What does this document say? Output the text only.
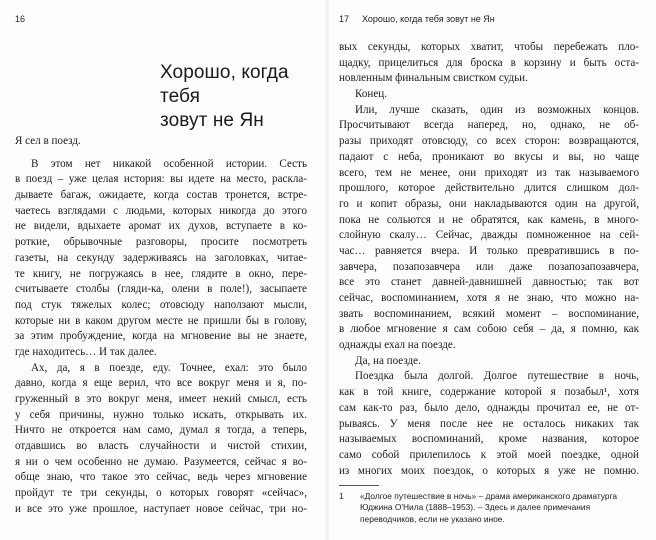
16
Хорошо, когда тебя
зовут не Ян
Я сел в поезд.
В этом нет никакой особенной истории. Сесть
в поезд – уже целая история: вы идете на место, раскла-
дываете багаж, ожидаете, когда состав тронется, встре-
чаетесь взглядами с людьми, которых никогда до этого
не видели, вдыхаете аромат их духов, вступаете в ко-
роткие, обрывочные разговоры, просите посмотреть
газеты, на секунду задерживаясь на заголовках, читае-
те книгу, не погружаясь в нее, глядите в окно, пере-
считываете столбы (гляди-ка, олени в поле!), засыпаете
под стук тяжелых колес; отовсюду наползают мысли,
которые ни в каком другом месте не пришли бы в голову,
за этим пробуждение, когда на мгновение вы не знаете,
где находитесь… И так далее.
Ах, да, я в поезде, еду. Точнее, ехал: это было
давно, когда я еще верил, что все вокруг меня и я, по-
груженный в это вокруг меня, имеет некий смысл, есть
у себя причины, нужно только искать, открывать их.
Ничто не откроется нам само, думал я тогда, а теперь,
отдавшись во власть случайности и чистой стихии,
я ни о чем особенно не думаю. Разумеется, сейчас я во-
обще знаю, что такое это сейчас, ведь через мгновение
пройдут те три секунды, о которых говорят «сейчас»,
и все это уже прошлое, наступает новое сейчас, три но-
17 Хорошо, когда тебя зовут не Ян
вых секунды, которых хватит, чтобы перебежать пло-
щадку, прицелиться для броска в корзину и быть оста-
новленным финальным свистком судьи.
Конец.
Или, лучше сказать, один из возможных концов.
Просчитывают всегда наперед, но, однако, не об-
разы приходят отовсюду, со всех сторон: возвращаются,
падают с неба, проникают во вкусы и вы, но чаще
всего, тем не менее, они приходят из так называемого
прошлого, которое действительно длится слишком дол-
го и копит образы, они накладываются один на другой,
пока не сольются и не обратятся, как камень, в много-
слойную скалу… Сейчас, дважды помноженное на сей-
час… равняется вчера. И только превратившись в по-
завчера, позапозавчера или даже позапозапозавчера,
все это станет давней-давнишней давностью; так вот
сейчас, воспоминанием, хотя я не знаю, что можно на-
звать воспоминанием, всякий момент – воспоминание,
в любое мгновение я сам собою себя – да, я помню, как
однажды ехал на поезде.
Да, на поезде.
Поездка была долгой. Долгое путешествие в ночь,
как в той книге, содержание которой я позабыл¹, хотя
сам как-то раз, было дело, однажды прочитал ее, не от-
рываясь. У меня после нее не осталось никаких так
называемых воспоминаний, кроме названия, которое
само собой прилепилось к этой моей поездке, одной
из многих моих поездок, о которых я уже не помню.
1 «Долгое путешествие в ночь» – драма американского драматурга
Юджина О'Нила (1888–1953). – Здесь и далее примечания
переводчиков, если не указано иное.
